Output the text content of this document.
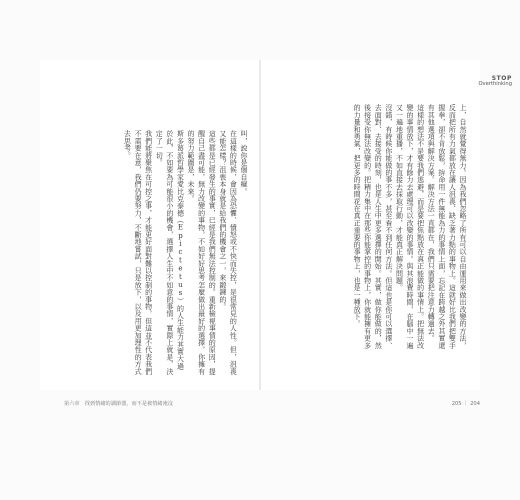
STOP
Overthinking
上，自然就覺得無力。因為我們忽略了所有可以自由運用來做出改變的方法，反而把所有力氣都放在讓人沮喪、缺乏著力點的事物上。這就好比我們把雙手握拳，卻不肯放鬆，拚命用一件無能為力的事情上面，忘記在跨越之外其實還有其他選項與解決方案。解決方法一直都在，我們只需要把注意力轉過去。
這樣的想法不是要我們逃避，而是要把焦點放在真正能做的事情上。把無法改變的事情放下，才有餘力去處理可以改變的事情。與其浪費時間，在腦中一遍又一遍地重播，不如直接去採取行動，才能真正解決問題。
沒錯，有時候你能做的事不多，甚至看不到任何方法。但這也是你可以選擇、去面對、去接受的時刻，也是人生中更多選擇的開始。其實，做你能做的，然後接受你無法改變的。把精力集中在那些你能掌控的事物上，你就能擁有更多的力量和勇氣，把更多的時間花在真正重要的事物上，也是一種放下。
叫，說你是個自癡。
在這樣的時候，會因為恐懼、憤怒或不快而失控，是很常見的人性。但，沮喪又能怎樣？沮喪本身就是給我們的機會之一，來鍛鍊的。
這些都是已經發生的事實，已經是我們無法控制的。重新檢視事情的原因，提醒自己盡可能，無力改變的事物，不如好好思考怎麼做出最好的選擇，你擁有的努力範圍是，未來。
斯多葛派哲學家愛比克泰德（Epictetus）的人生能力其實大過於此，不如要為可能很小的機會，選擇人生中不如意的事情，實際上就是，決定了一切。
我們能將聚焦在可控之事，才能更好面對難以控制的事物，但這並不代表我們不需要在意，我們仍要努力，不斷地嘗試，只是放下，以及用更加理性的方式去思考。
第六章　找到情緒的調節器，而不是被情緒淹沒	205 ｜ 204
